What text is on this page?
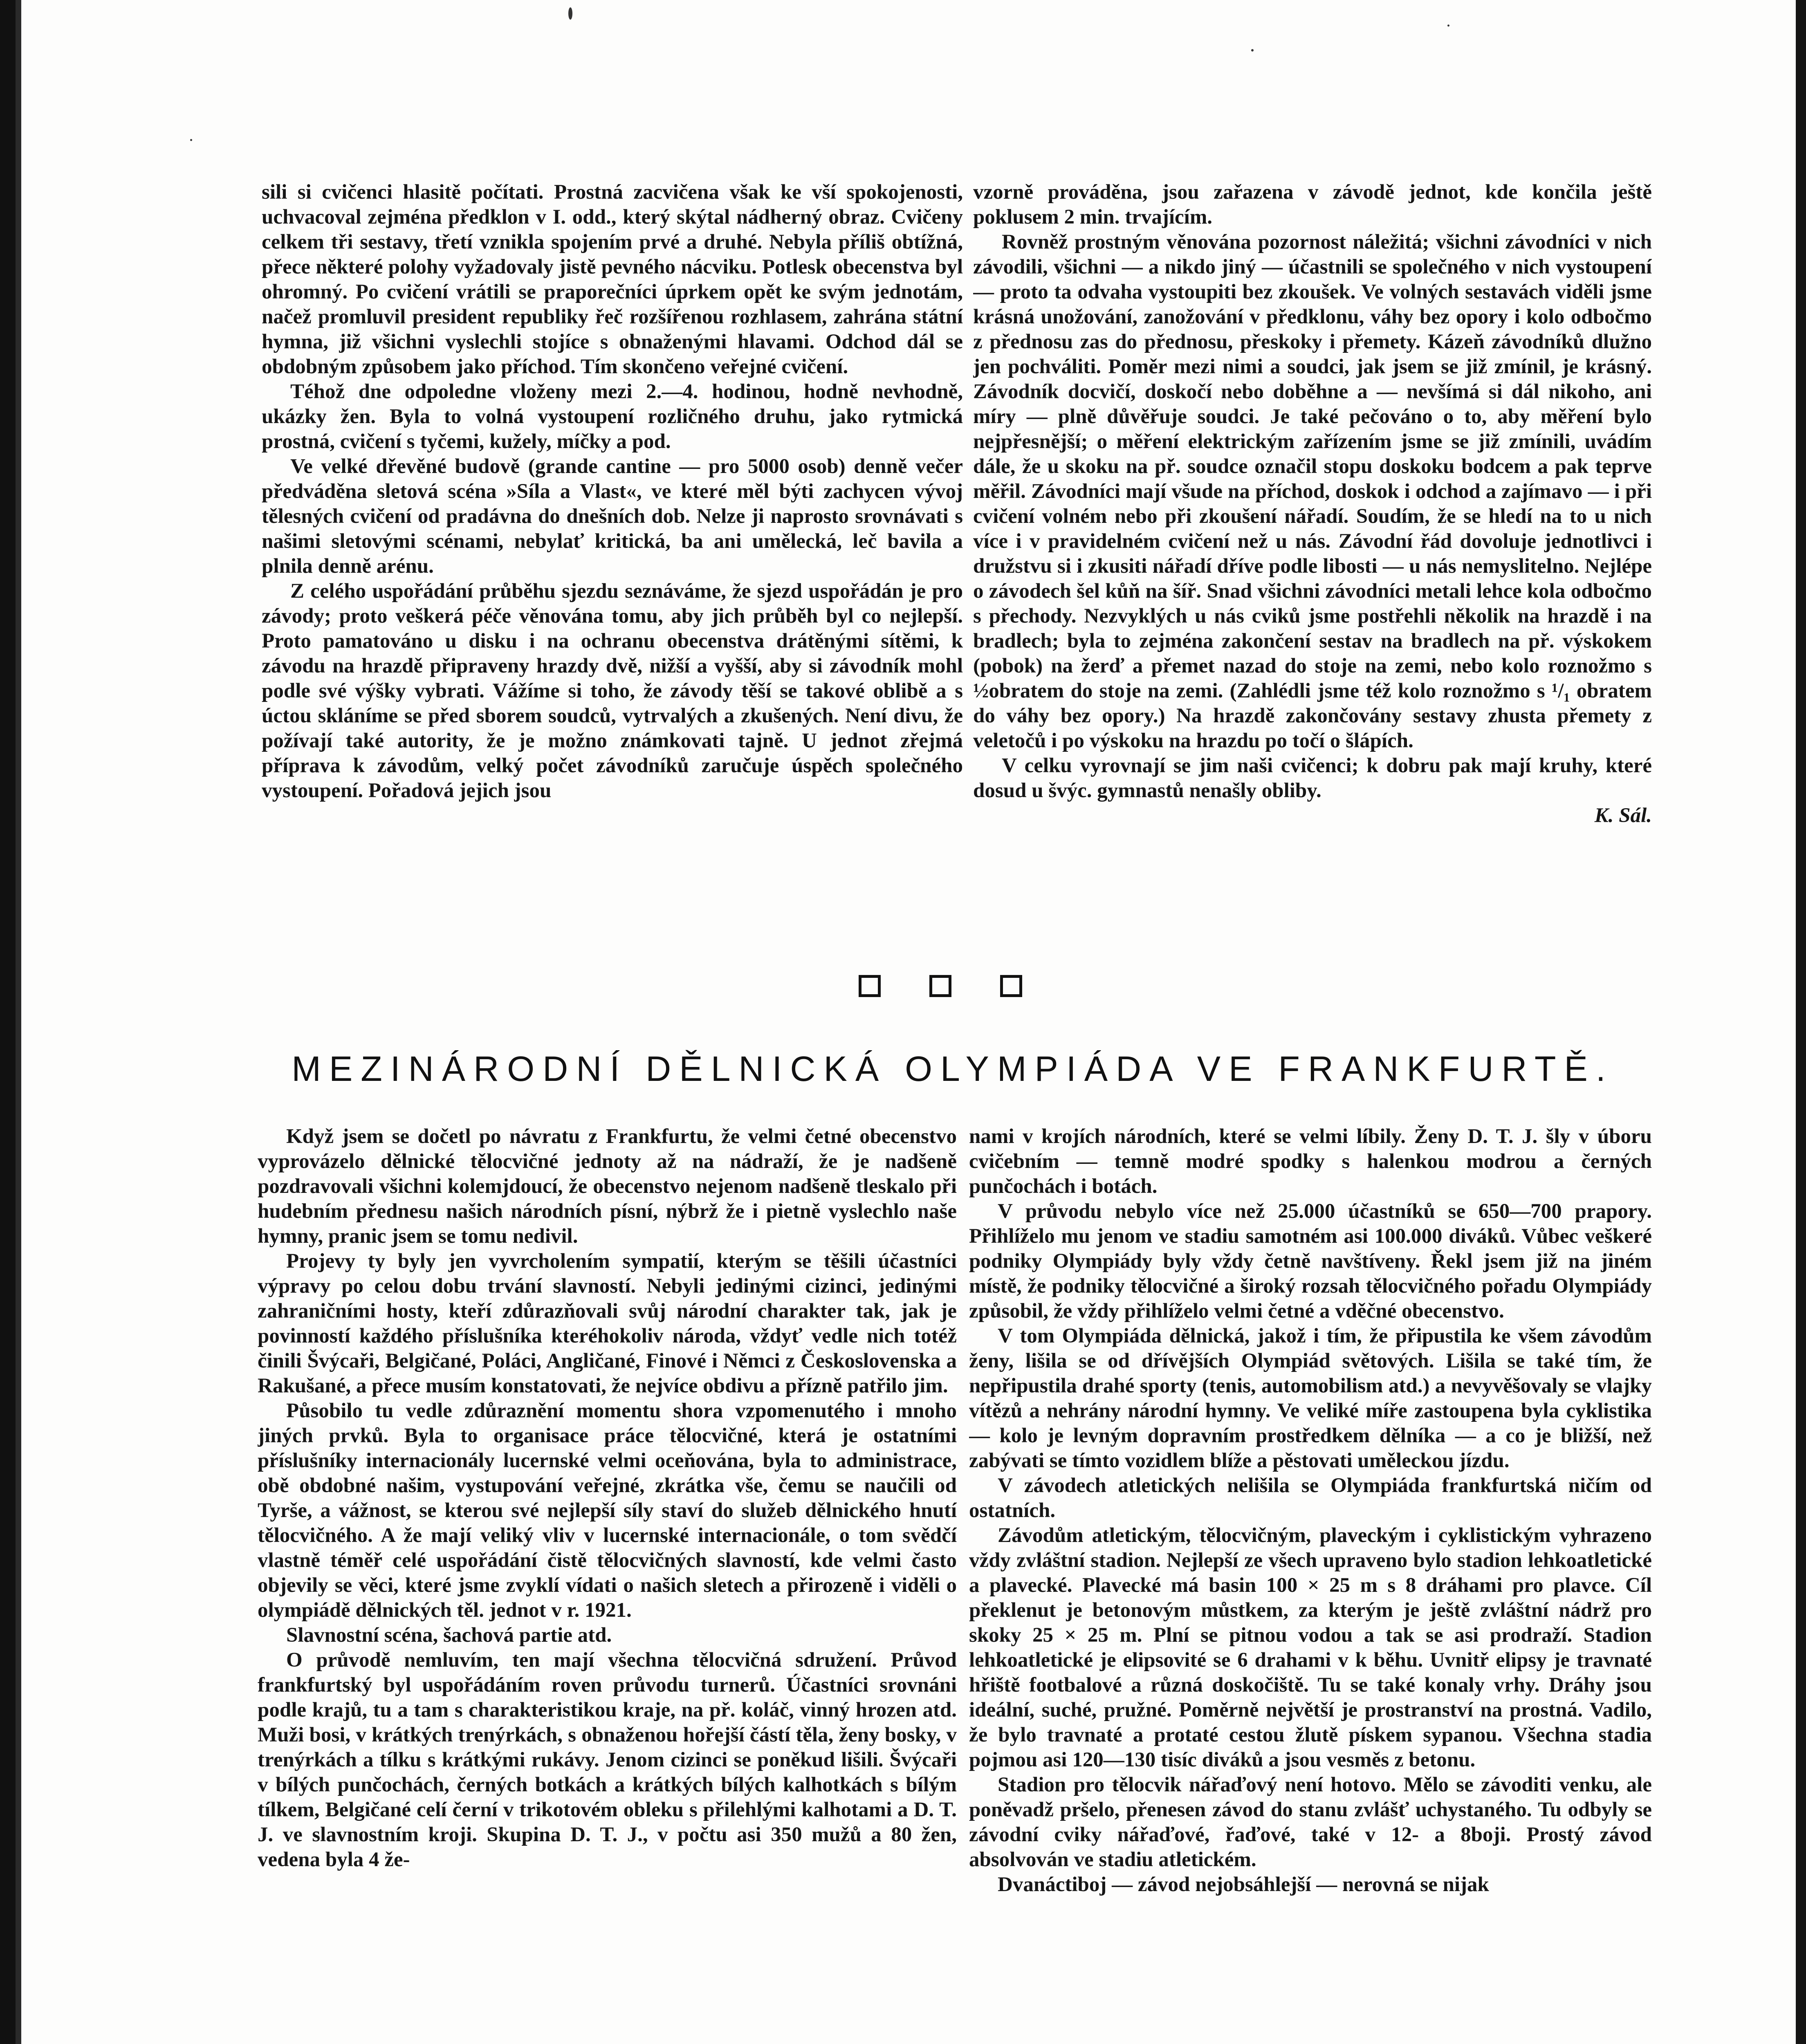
sili si cvičenci hlasitě počítati. Prostná zacvičena však ke vší spokojenosti, uchvacoval zejména předklon v I. odd., který skýtal nádherný obraz. Cvičeny celkem tři sestavy, třetí vznikla spojením prvé a druhé. Nebyla příliš obtížná, přece některé polohy vyžadovaly jistě pevného nácviku. Potlesk obecenstva byl ohromný. Po cvičení vrátili se praporečníci úprkem opět ke svým jednotám, načež promluvil president republiky řeč rozšířenou rozhlasem, zahrána státní hymna, již všichni vyslechli stojíce s obnaženými hlavami. Odchod dál se obdobným způsobem jako příchod. Tím skončeno veřejné cvičení.

Téhož dne odpoledne vloženy mezi 2.—4. hodinou, hodně nevhodně, ukázky žen. Byla to volná vystoupení rozličného druhu, jako rytmická prostná, cvičení s tyčemi, kužely, míčky a pod.

Ve velké dřevěné budově (grande cantine — pro 5000 osob) denně večer předváděna sletová scéna »Síla a Vlast«, ve které měl býti zachycen vývoj tělesných cvičení od pradávna do dnešních dob. Nelze ji naprosto srovnávati s našimi sletovými scénami, nebylať kritická, ba ani umělecká, leč bavila a plnila denně arénu.

Z celého uspořádání průběhu sjezdu seznáváme, že sjezd uspořádán je pro závody; proto veškerá péče věnována tomu, aby jich průběh byl co nejlepší. Proto pamatováno u disku i na ochranu obecenstva drátěnými sítěmi, k závodu na hrazdě připraveny hrazdy dvě, nižší a vyšší, aby si závodník mohl podle své výšky vybrati. Vážíme si toho, že závody těší se takové oblibě a s úctou skláníme se před sborem soudců, vytrvalých a zkušených. Není divu, že požívají také autority, že je možno známkovati tajně. U jednot zřejmá příprava k závodům, velký počet závodníků zaručuje úspěch společného vystoupení. Pořadová jejich jsou

vzorně prováděna, jsou zařazena v závodě jednot, kde končila ještě poklusem 2 min. trvajícím.

Rovněž prostným věnována pozornost náležitá; všichni závodníci v nich závodili, všichni — a nikdo jiný — účastnili se společného v nich vystoupení — proto ta odvaha vystoupiti bez zkoušek. Ve volných sestavách viděli jsme krásná unožování, zanožování v předklonu, váhy bez opory i kolo odbočmo z přednosu zas do přednosu, přeskoky i přemety. Kázeň závodníků dlužno jen pochváliti. Poměr mezi nimi a soudci, jak jsem se již zmínil, je krásný. Závodník docvičí, doskočí nebo doběhne a — nevšímá si dál nikoho, ani míry — plně důvěřuje soudci. Je také pečováno o to, aby měření bylo nejpřesnější; o měření elektrickým zařízením jsme se již zmínili, uvádím dále, že u skoku na př. soudce označil stopu doskoku bodcem a pak teprve měřil. Závodníci mají všude na příchod, doskok i odchod a zajímavo — i při cvičení volném nebo při zkoušení nářadí. Soudím, že se hledí na to u nich více i v pravidelném cvičení než u nás. Závodní řád dovoluje jednotlivci i družstvu si i zkusiti nářadí dříve podle libosti — u nás nemyslitelno. Nejlépe o závodech šel kůň na šíř. Snad všichni závodníci metali lehce kola odbočmo s přechody. Nezvyklých u nás cviků jsme postřehli několik na hrazdě i na bradlech; byla to zejména zakončení sestav na bradlech na př. výskokem (pobok) na žerď a přemet nazad do stoje na zemi, nebo kolo roznožmo s ½obratem do stoje na zemi. (Zahlédli jsme též kolo roznožmo s ¹/₁ obratem do váhy bez opory.) Na hrazdě zakončovány sestavy zhusta přemety z veletočů i po výskoku na hrazdu po točí o šlápích.

V celku vyrovnají se jim naši cvičenci; k dobru pak mají kruhy, které dosud u švýc. gymnastů nenašly obliby.

K. Sál.

MEZINÁRODNÍ DĚLNICKÁ OLYMPIÁDA VE FRANKFURTĚ.

Když jsem se dočetl po návratu z Frankfurtu, že velmi četné obecenstvo vyprovázelo dělnické tělocvičné jednoty až na nádraží, že je nadšeně pozdravovali všichni kolemjdoucí, že obecenstvo nejenom nadšeně tleskalo při hudebním přednesu našich národních písní, nýbrž že i pietně vyslechlo naše hymny, pranic jsem se tomu nedivil.

Projevy ty byly jen vyvrcholením sympatií, kterým se těšili účastníci výpravy po celou dobu trvání slavností. Nebyli jedinými cizinci, jedinými zahraničními hosty, kteří zdůrazňovali svůj národní charakter tak, jak je povinností každého příslušníka kteréhokoliv národa, vždyť vedle nich totéž činili Švýcaři, Belgičané, Poláci, Angličané, Finové i Němci z Československa a Rakušané, a přece musím konstatovati, že nejvíce obdivu a přízně patřilo jim.

Působilo tu vedle zdůraznění momentu shora vzpomenutého i mnoho jiných prvků. Byla to organisace práce tělocvičné, která je ostatními příslušníky internacionály lucernské velmi oceňována, byla to administrace, obě obdobné našim, vystupování veřejné, zkrátka vše, čemu se naučili od Tyrše, a vážnost, se kterou své nejlepší síly staví do služeb dělnického hnutí tělocvičného. A že mají veliký vliv v lucernské internacionále, o tom svědčí vlastně téměř celé uspořádání čistě tělocvičných slavností, kde velmi často objevily se věci, které jsme zvyklí vídati o našich sletech a přirozeně i viděli o olympiádě dělnických těl. jednot v r. 1921.

Slavnostní scéna, šachová partie atd.

O průvodě nemluvím, ten mají všechna tělocvičná sdružení. Průvod frankfurtský byl uspořádáním roven průvodu turnerů. Účastníci srovnáni podle krajů, tu a tam s charakteristikou kraje, na př. koláč, vinný hrozen atd. Muži bosi, v krátkých trenýrkách, s obnaženou hořejší částí těla, ženy bosky, v trenýrkách a tílku s krátkými rukávy. Jenom cizinci se poněkud lišili. Švýcaři v bílých punčochách, černých botkách a krátkých bílých kalhotkách s bílým tílkem, Belgičané celí černí v trikotovém obleku s přilehlými kalhotami a D. T. J. ve slavnostním kroji. Skupina D. T. J., v počtu asi 350 mužů a 80 žen, vedena byla 4 že-

nami v krojích národních, které se velmi líbily. Ženy D. T. J. šly v úboru cvičebním — temně modré spodky s halenkou modrou a černých punčochách i botách.

V průvodu nebylo více než 25.000 účastníků se 650—700 prapory. Přihlíželo mu jenom ve stadiu samotném asi 100.000 diváků. Vůbec veškeré podniky Olympiády byly vždy četně navštíveny. Řekl jsem již na jiném místě, že podniky tělocvičné a široký rozsah tělocvičného pořadu Olympiády způsobil, že vždy přihlíželo velmi četné a vděčné obecenstvo.

V tom Olympiáda dělnická, jakož i tím, že připustila ke všem závodům ženy, lišila se od dřívějších Olympiád světových. Lišila se také tím, že nepřipustila drahé sporty (tenis, automobilism atd.) a nevyvěšovaly se vlajky vítězů a nehrány národní hymny. Ve veliké míře zastoupena byla cyklistika — kolo je levným dopravním prostředkem dělníka — a co je bližší, než zabývati se tímto vozidlem blíže a pěstovati uměleckou jízdu.

V závodech atletických nelišila se Olympiáda frankfurtská ničím od ostatních.

Závodům atletickým, tělocvičným, plaveckým i cyklistickým vyhrazeno vždy zvláštní stadion. Nejlepší ze všech upraveno bylo stadion lehkoatletické a plavecké. Plavecké má basin 100 × 25 m s 8 dráhami pro plavce. Cíl překlenut je betonovým můstkem, za kterým je ještě zvláštní nádrž pro skoky 25 × 25 m. Plní se pitnou vodou a tak se asi prodraží. Stadion lehkoatletické je elipsovité se 6 drahami v k běhu. Uvnitř elipsy je travnaté hřiště footbalové a různá doskočiště. Tu se také konaly vrhy. Dráhy jsou ideální, suché, pružné. Poměrně největší je prostranství na prostná. Vadilo, že bylo travnaté a protaté cestou žlutě pískem sypanou. Všechna stadia pojmou asi 120—130 tisíc diváků a jsou vesměs z betonu.

Stadion pro tělocvik nářaďový není hotovo. Mělo se závoditi venku, ale poněvadž pršelo, přenesen závod do stanu zvlášť uchystaného. Tu odbyly se závodní cviky nářaďové, řaďové, také v 12- a 8boji. Prostý závod absolvován ve stadiu atletickém.

Dvanáctiboj — závod nejobsáhlejší — nerovná se nijak
